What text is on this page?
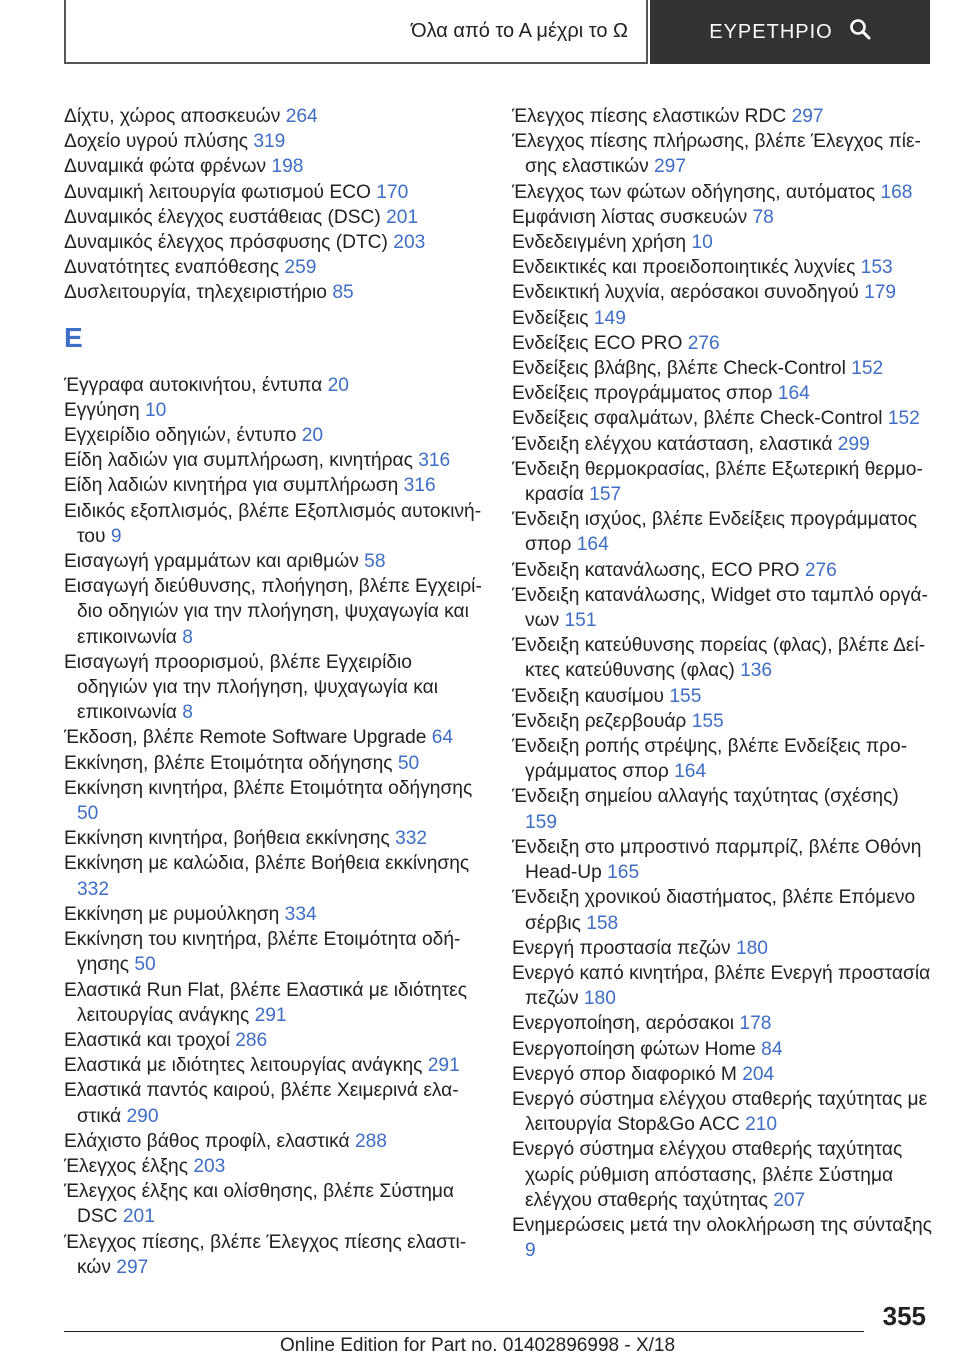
Όλα από το Α μέχρι το Ω	ΕΥΡΕΤΗΡΙΟ
Δίχτυ, χώρος αποσκευών 264
Δοχείο υγρού πλύσης 319
Δυναμικά φώτα φρένων 198
Δυναμική λειτουργία φωτισμού ECO 170
Δυναμικός έλεγχος ευστάθειας (DSC) 201
Δυναμικός έλεγχος πρόσφυσης (DTC) 203
Δυνατότητες εναπόθεσης 259
Δυσλειτουργία, τηλεχειριστήριο 85
Ε
Έγγραφα αυτοκινήτου, έντυπα 20
Εγγύηση 10
Εγχειρίδιο οδηγιών, έντυπο 20
Είδη λαδιών για συμπλήρωση, κινητήρας 316
Είδη λαδιών κινητήρα για συμπλήρωση 316
Ειδικός εξοπλισμός, βλέπε Εξοπλισμός αυτοκινήτου 9
Εισαγωγή γραμμάτων και αριθμών 58
Εισαγωγή διεύθυνσης, πλοήγηση, βλέπε Εγχειρίδιο οδηγιών για την πλοήγηση, ψυχαγωγία και επικοινωνία 8
Εισαγωγή προορισμού, βλέπε Εγχειρίδιο οδηγιών για την πλοήγηση, ψυχαγωγία και επικοινωνία 8
Έκδοση, βλέπε Remote Software Upgrade 64
Εκκίνηση, βλέπε Ετοιμότητα οδήγησης 50
Εκκίνηση κινητήρα, βλέπε Ετοιμότητα οδήγησης 50
Εκκίνηση κινητήρα, βοήθεια εκκίνησης 332
Εκκίνηση με καλώδια, βλέπε Βοήθεια εκκίνησης 332
Εκκίνηση με ρυμούλκηση 334
Εκκίνηση του κινητήρα, βλέπε Ετοιμότητα οδήγησης 50
Ελαστικά Run Flat, βλέπε Ελαστικά με ιδιότητες λειτουργίας ανάγκης 291
Ελαστικά και τροχοί 286
Ελαστικά με ιδιότητες λειτουργίας ανάγκης 291
Ελαστικά παντός καιρού, βλέπε Χειμερινά ελαστικά 290
Ελάχιστο βάθος προφίλ, ελαστικά 288
Έλεγχος έλξης 203
Έλεγχος έλξης και ολίσθησης, βλέπε Σύστημα DSC 201
Έλεγχος πίεσης, βλέπε Έλεγχος πίεσης ελαστικών 297
Έλεγχος πίεσης ελαστικών RDC 297
Έλεγχος πίεσης πλήρωσης, βλέπε Έλεγχος πίεσης ελαστικών 297
Έλεγχος των φώτων οδήγησης, αυτόματος 168
Εμφάνιση λίστας συσκευών 78
Ενδεδειγμένη χρήση 10
Ενδεικτικές και προειδοποιητικές λυχνίες 153
Ενδεικτική λυχνία, αερόσακοι συνοδηγού 179
Ενδείξεις 149
Ενδείξεις ECO PRO 276
Ενδείξεις βλάβης, βλέπε Check-Control 152
Ενδείξεις προγράμματος σπορ 164
Ενδείξεις σφαλμάτων, βλέπε Check-Control 152
Ένδειξη ελέγχου κατάσταση, ελαστικά 299
Ένδειξη θερμοκρασίας, βλέπε Εξωτερική θερμοκρασία 157
Ένδειξη ισχύος, βλέπε Ενδείξεις προγράμματος σπορ 164
Ένδειξη κατανάλωσης, ECO PRO 276
Ένδειξη κατανάλωσης, Widget στο ταμπλό οργάνων 151
Ένδειξη κατεύθυνσης πορείας (φλας), βλέπε Δείκτες κατεύθυνσης (φλας) 136
Ένδειξη καυσίμου 155
Ένδειξη ρεζερβουάρ 155
Ένδειξη ροπής στρέψης, βλέπε Ενδείξεις προγράμματος σπορ 164
Ένδειξη σημείου αλλαγής ταχύτητας (σχέσης) 159
Ένδειξη στο μπροστινό παρμπρίζ, βλέπε Οθόνη Head-Up 165
Ένδειξη χρονικού διαστήματος, βλέπε Επόμενο σέρβις 158
Ενεργή προστασία πεζών 180
Ενεργό καπό κινητήρα, βλέπε Ενεργή προστασία πεζών 180
Ενεργοποίηση, αερόσακοι 178
Ενεργοποίηση φώτων Home 84
Ενεργό σπορ διαφορικό M 204
Ενεργό σύστημα ελέγχου σταθερής ταχύτητας με λειτουργία Stop&Go ACC 210
Ενεργό σύστημα ελέγχου σταθερής ταχύτητας χωρίς ρύθμιση απόστασης, βλέπε Σύστημα ελέγχου σταθερής ταχύτητας 207
Ενημερώσεις μετά την ολοκλήρωση της σύνταξης 9
355
Online Edition for Part no. 01402896998 - X/18
